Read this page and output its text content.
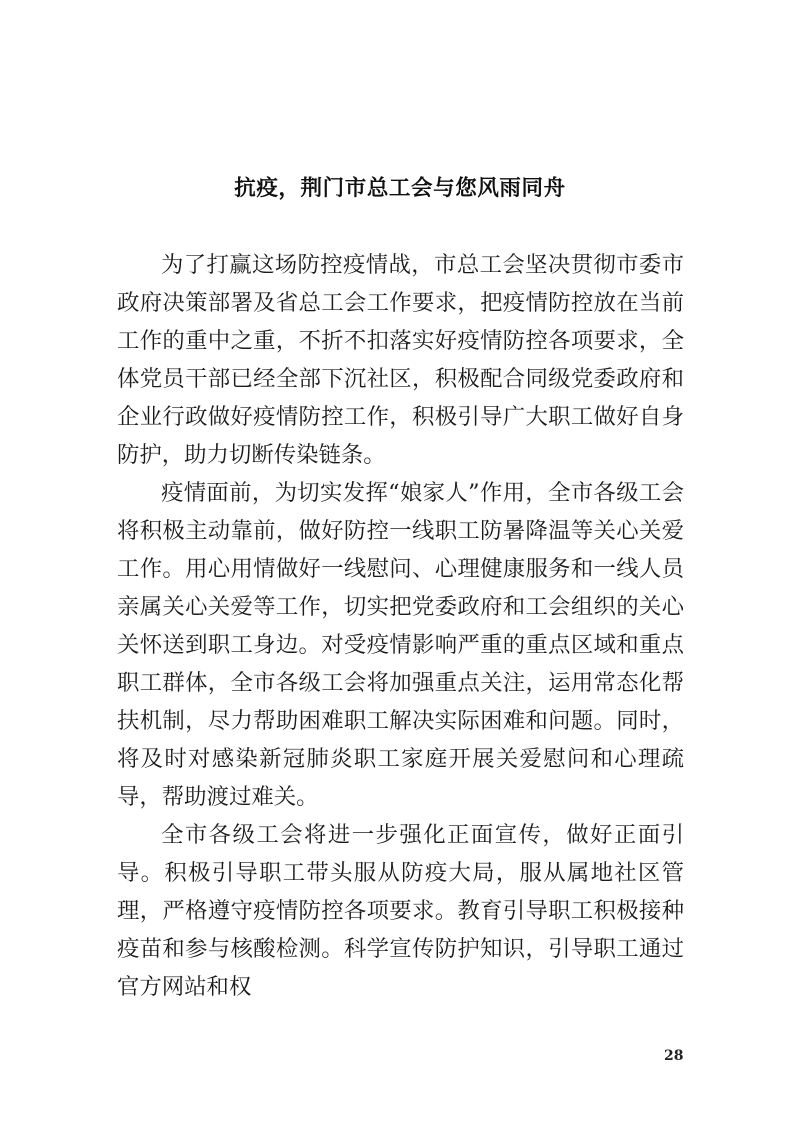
抗疫，荆门市总工会与您风雨同舟

为了打赢这场防控疫情战，市总工会坚决贯彻市委市政府决策部署及省总工会工作要求，把疫情防控放在当前工作的重中之重，不折不扣落实好疫情防控各项要求，全体党员干部已经全部下沉社区，积极配合同级党委政府和企业行政做好疫情防控工作，积极引导广大职工做好自身防护，助力切断传染链条。

疫情面前，为切实发挥“娘家人”作用，全市各级工会将积极主动靠前，做好防控一线职工防暑降温等关心关爱工作。用心用情做好一线慰问、心理健康服务和一线人员亲属关心关爱等工作，切实把党委政府和工会组织的关心关怀送到职工身边。对受疫情影响严重的重点区域和重点职工群体，全市各级工会将加强重点关注，运用常态化帮扶机制，尽力帮助困难职工解决实际困难和问题。同时，将及时对感染新冠肺炎职工家庭开展关爱慰问和心理疏导，帮助渡过难关。

全市各级工会将进一步强化正面宣传，做好正面引导。积极引导职工带头服从防疫大局，服从属地社区管理，严格遵守疫情防控各项要求。教育引导职工积极接种疫苗和参与核酸检测。科学宣传防护知识，引导职工通过官方网站和权

28
